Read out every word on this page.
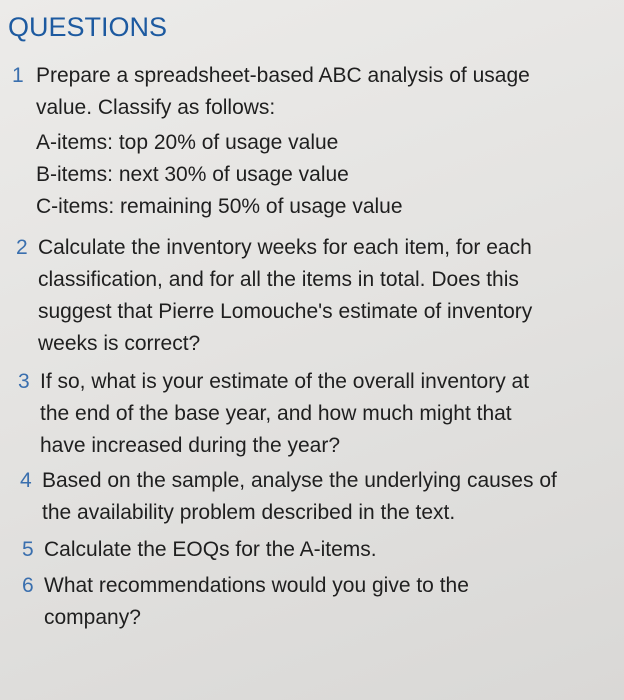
QUESTIONS
1 Prepare a spreadsheet-based ABC analysis of usage
value. Classify as follows:
A-items: top 20% of usage value
B-items: next 30% of usage value
C-items: remaining 50% of usage value
2 Calculate the inventory weeks for each item, for each
classification, and for all the items in total. Does this
suggest that Pierre Lomouche's estimate of inventory
weeks is correct?
3 If so, what is your estimate of the overall inventory at
the end of the base year, and how much might that
have increased during the year?
4 Based on the sample, analyse the underlying causes of
the availability problem described in the text.
5 Calculate the EOQs for the A-items.
6 What recommendations would you give to the
company?
